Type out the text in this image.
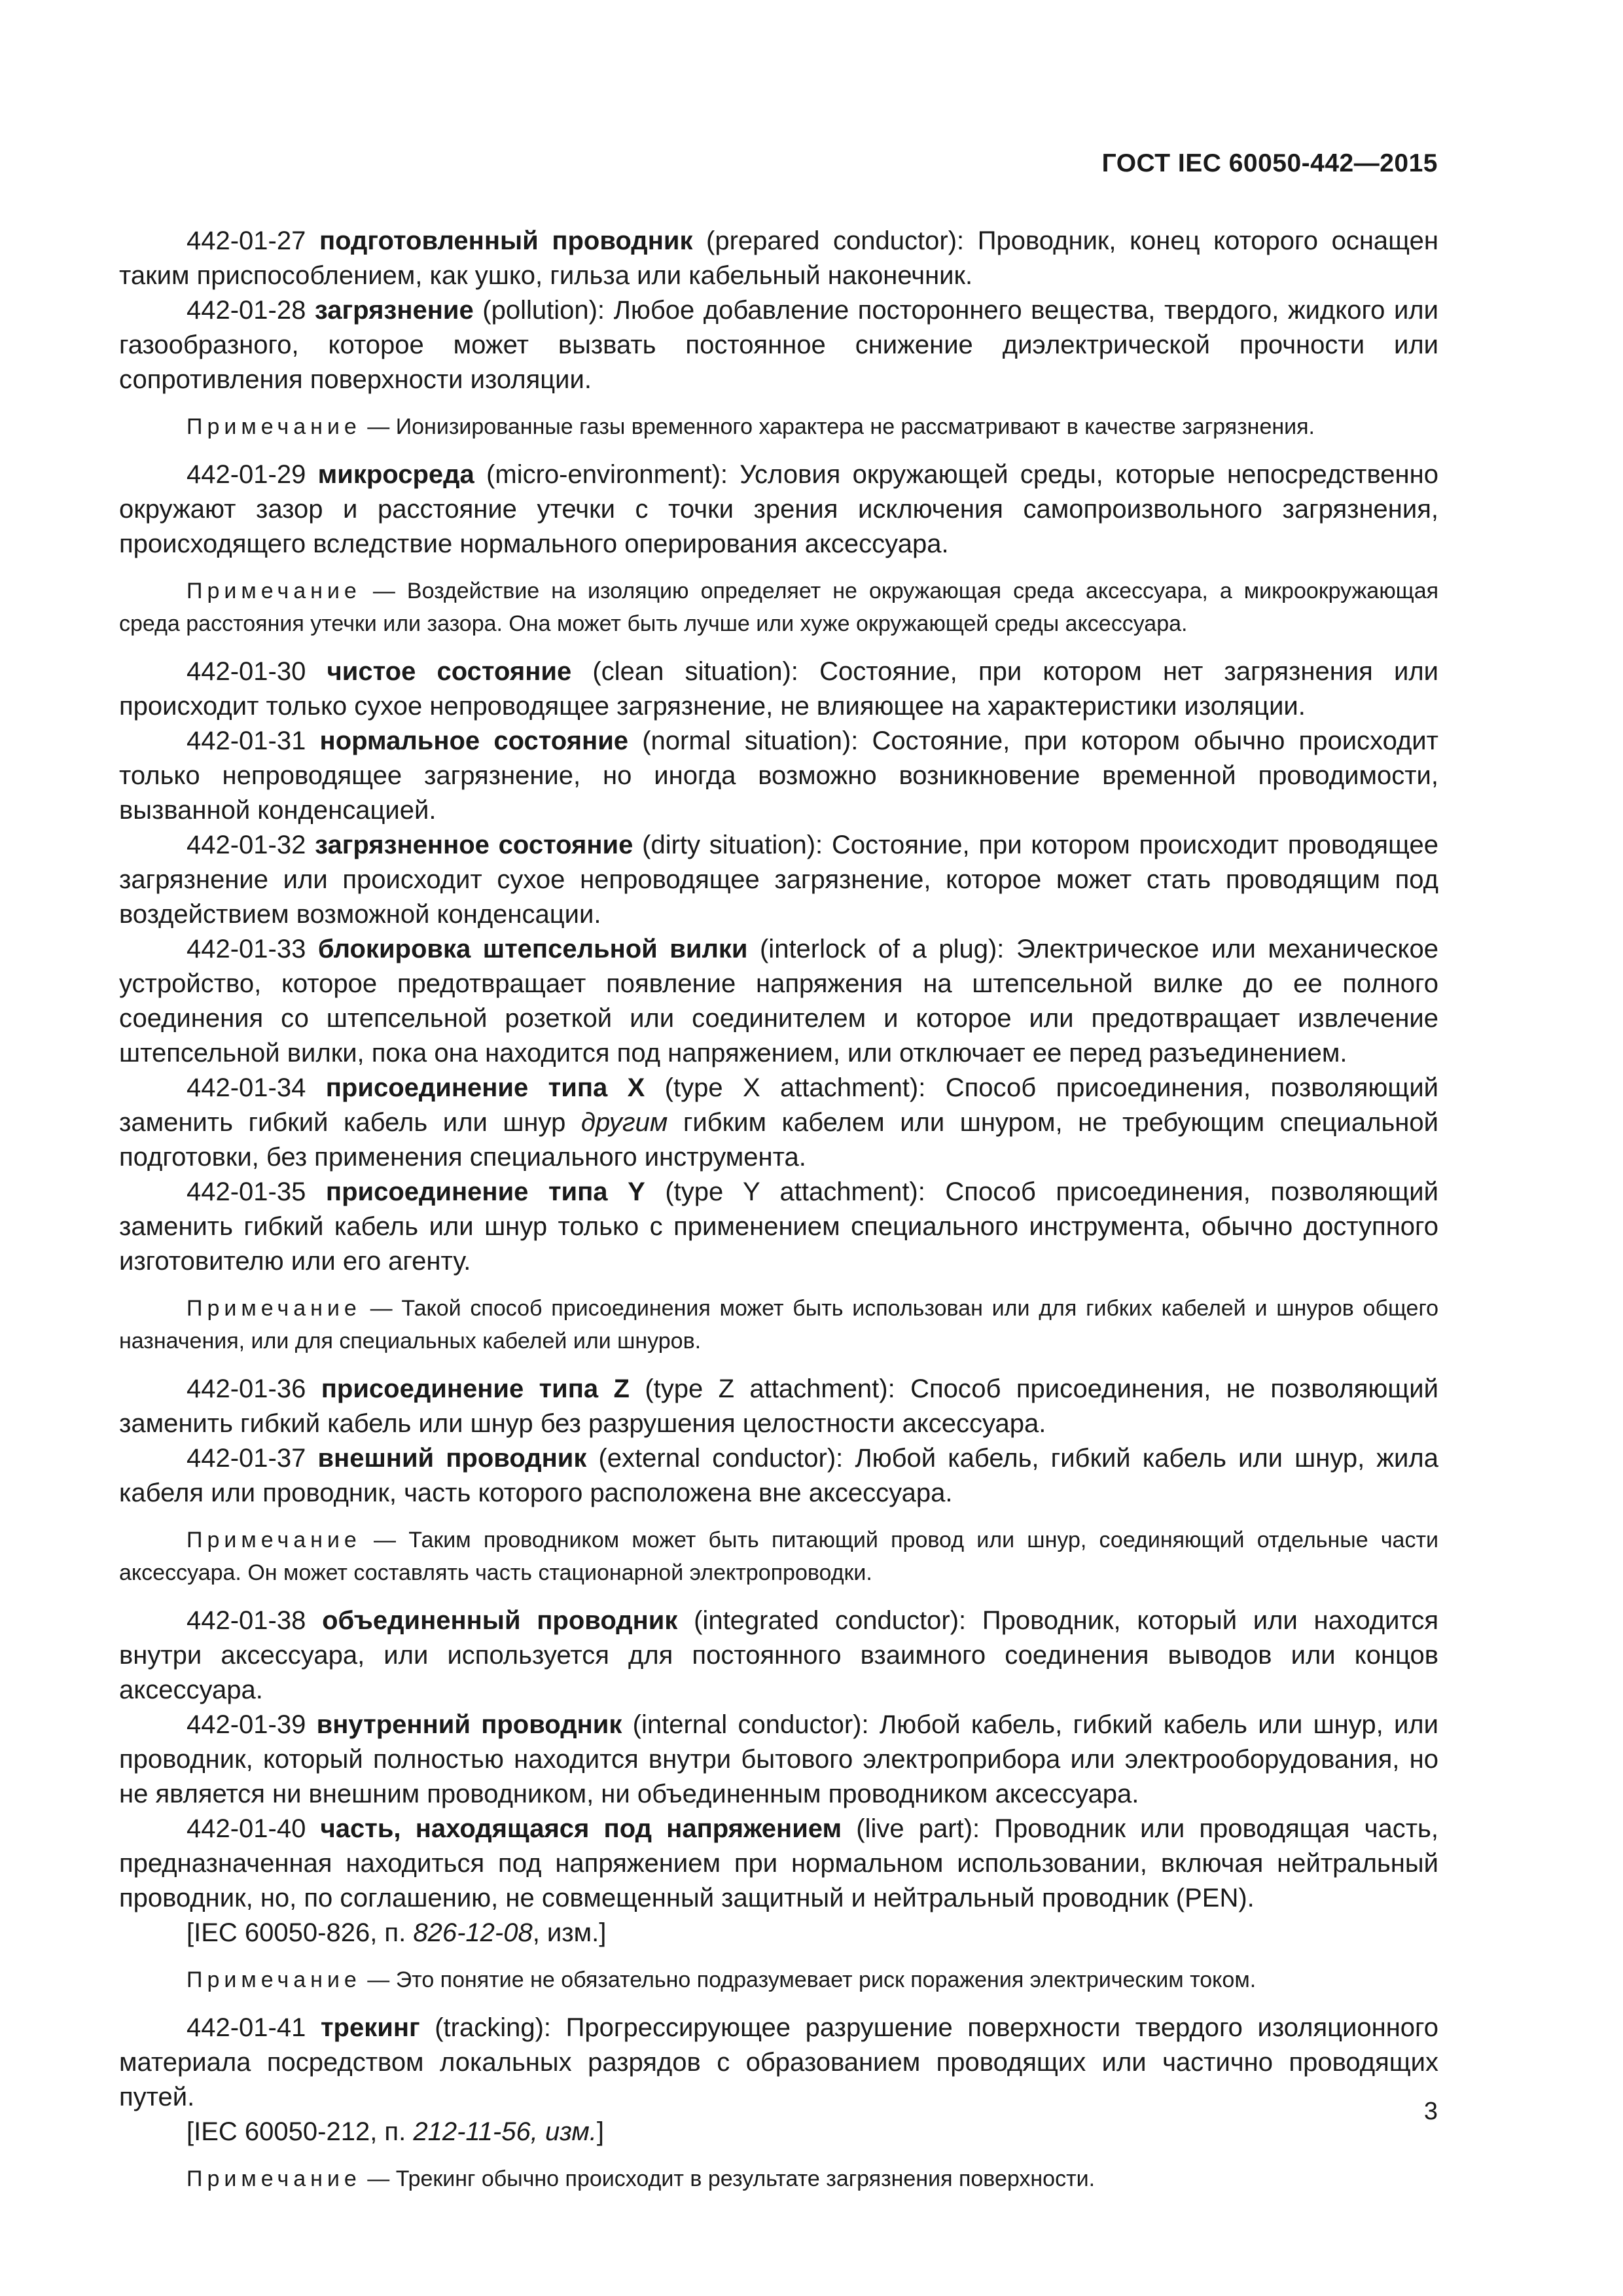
ГОСТ IEC 60050-442—2015

442-01-27 подготовленный проводник (prepared conductor): Проводник, конец которого оснащен таким приспособлением, как ушко, гильза или кабельный наконечник.

442-01-28 загрязнение (pollution): Любое добавление постороннего вещества, твердого, жидкого или газообразного, которое может вызвать постоянное снижение диэлектрической прочности или сопротивления поверхности изоляции.

Примечание — Ионизированные газы временного характера не рассматривают в качестве загрязнения.

442-01-29 микросреда (micro-environment): Условия окружающей среды, которые непосредственно окружают зазор и расстояние утечки с точки зрения исключения самопроизвольного загрязнения, происходящего вследствие нормального оперирования аксессуара.

Примечание — Воздействие на изоляцию определяет не окружающая среда аксессуара, а микроокружающая среда расстояния утечки или зазора. Она может быть лучше или хуже окружающей среды аксессуара.

442-01-30 чистое состояние (clean situation): Состояние, при котором нет загрязнения или происходит только сухое непроводящее загрязнение, не влияющее на характеристики изоляции.

442-01-31 нормальное состояние (normal situation): Состояние, при котором обычно происходит только непроводящее загрязнение, но иногда возможно возникновение временной проводимости, вызванной конденсацией.

442-01-32 загрязненное состояние (dirty situation): Состояние, при котором происходит проводящее загрязнение или происходит сухое непроводящее загрязнение, которое может стать проводящим под воздействием возможной конденсации.

442-01-33 блокировка штепсельной вилки (interlock of a plug): Электрическое или механическое устройство, которое предотвращает появление напряжения на штепсельной вилке до ее полного соединения со штепсельной розеткой или соединителем и которое или предотвращает извлечение штепсельной вилки, пока она находится под напряжением, или отключает ее перед разъединением.

442-01-34 присоединение типа X (type X attachment): Способ присоединения, позволяющий заменить гибкий кабель или шнур другим гибким кабелем или шнуром, не требующим специальной подготовки, без применения специального инструмента.

442-01-35 присоединение типа Y (type Y attachment): Способ присоединения, позволяющий заменить гибкий кабель или шнур только с применением специального инструмента, обычно доступного изготовителю или его агенту.

Примечание — Такой способ присоединения может быть использован или для гибких кабелей и шнуров общего назначения, или для специальных кабелей или шнуров.

442-01-36 присоединение типа Z (type Z attachment): Способ присоединения, не позволяющий заменить гибкий кабель или шнур без разрушения целостности аксессуара.

442-01-37 внешний проводник (external conductor): Любой кабель, гибкий кабель или шнур, жила кабеля или проводник, часть которого расположена вне аксессуара.

Примечание — Таким проводником может быть питающий провод или шнур, соединяющий отдельные части аксессуара. Он может составлять часть стационарной электропроводки.

442-01-38 объединенный проводник (integrated conductor): Проводник, который или находится внутри аксессуара, или используется для постоянного взаимного соединения выводов или концов аксессуара.

442-01-39 внутренний проводник (internal conductor): Любой кабель, гибкий кабель или шнур, или проводник, который полностью находится внутри бытового электроприбора или электрооборудования, но не является ни внешним проводником, ни объединенным проводником аксессуара.

442-01-40 часть, находящаяся под напряжением (live part): Проводник или проводящая часть, предназначенная находиться под напряжением при нормальном использовании, включая нейтральный проводник, но, по соглашению, не совмещенный защитный и нейтральный проводник (PEN).

[IEC 60050-826, п. 826-12-08, изм.]

Примечание — Это понятие не обязательно подразумевает риск поражения электрическим током.

442-01-41 трекинг (tracking): Прогрессирующее разрушение поверхности твердого изоляционного материала посредством локальных разрядов с образованием проводящих или частично проводящих путей.

[IEC 60050-212, п. 212-11-56, изм.]

Примечание — Трекинг обычно происходит в результате загрязнения поверхности.

3
